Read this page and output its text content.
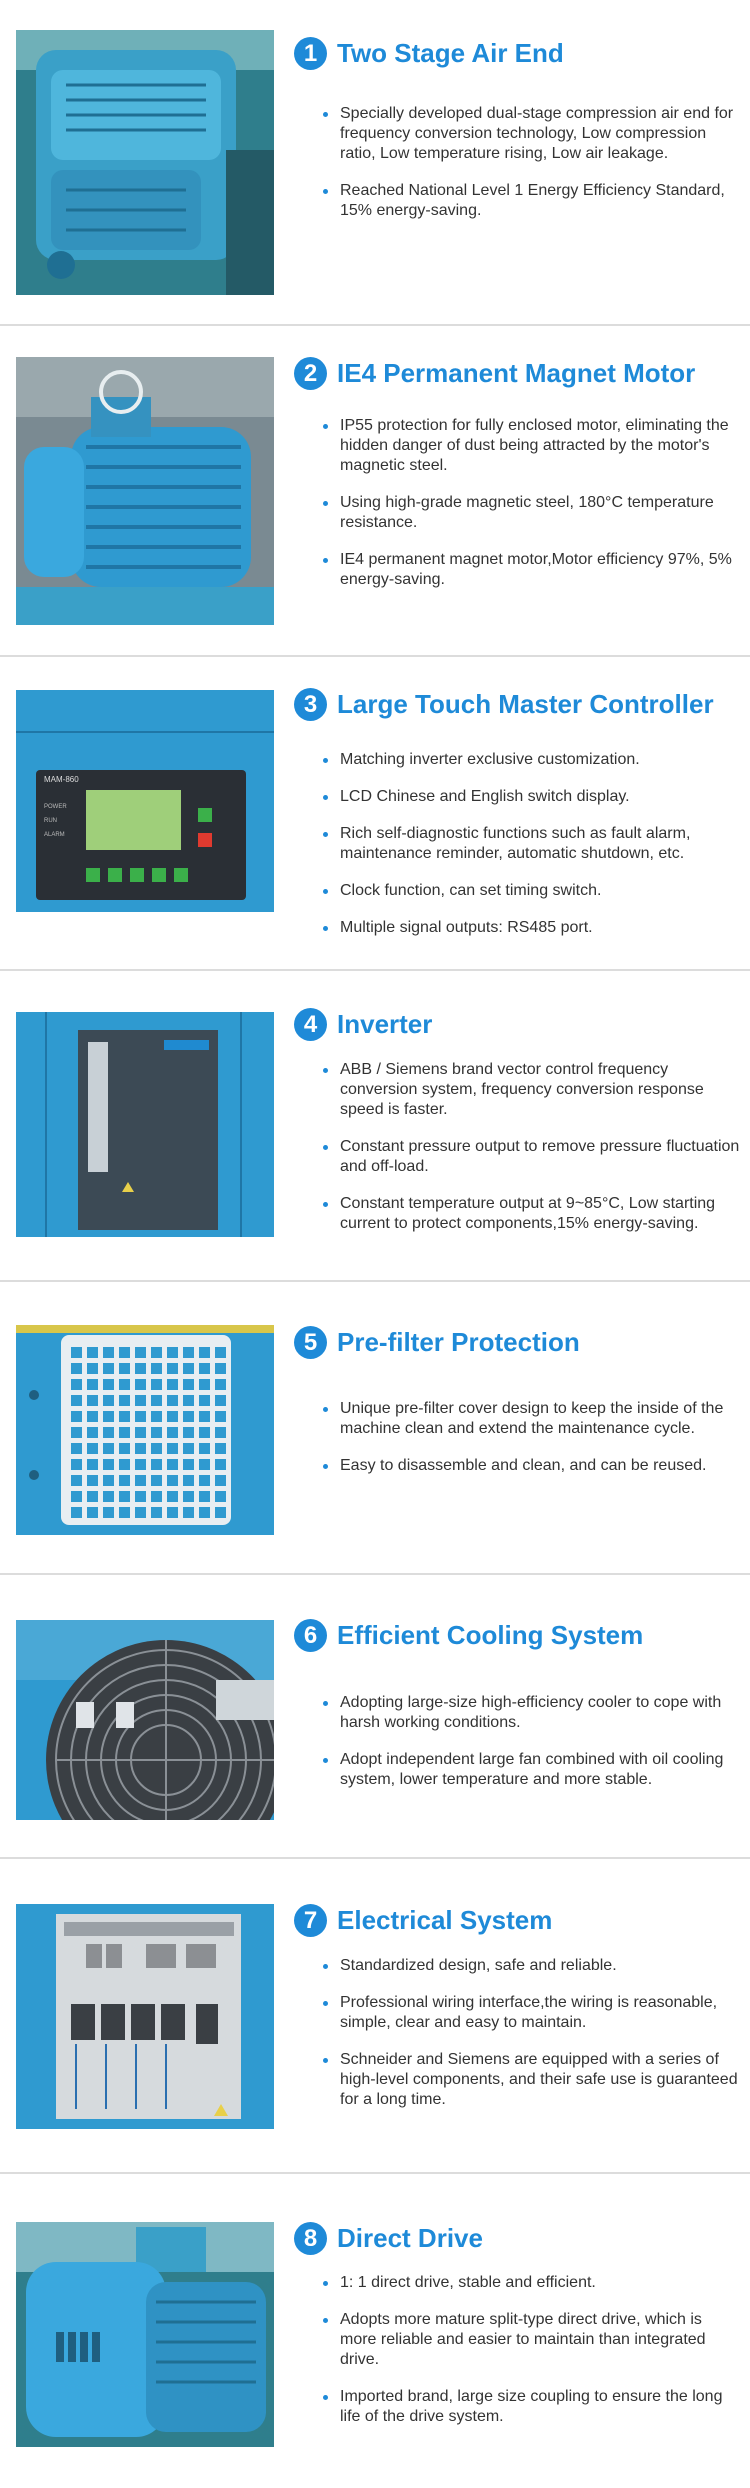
1 Two Stage Air End
Specially developed dual-stage compression air end for frequency conversion technology, Low compression ratio, Low temperature rising, Low air leakage.
Reached National Level 1 Energy Efficiency Standard, 15% energy-saving.
2 IE4 Permanent Magnet Motor
IP55 protection for fully enclosed motor, eliminating the hidden danger of dust being attracted by the motor's magnetic steel.
Using high-grade magnetic steel, 180°C temperature resistance.
IE4 permanent magnet motor,Motor efficiency 97%, 5% energy-saving.
MAM-860
POWER
RUN
ALARM
3 Large Touch Master Controller
Matching inverter exclusive customization.
LCD Chinese and English switch display.
Rich self-diagnostic functions such as fault alarm, maintenance reminder, automatic shutdown, etc.
Clock function, can set timing switch.
Multiple signal outputs: RS485 port.
4 Inverter
ABB / Siemens brand vector control frequency conversion system, frequency conversion response speed is faster.
Constant pressure output to remove pressure fluctuation and off-load.
Constant temperature output at 9~85°C, Low starting current to protect components,15% energy-saving.
5 Pre-filter Protection
Unique pre-filter cover design to keep the inside of the machine clean and extend the maintenance cycle.
Easy to disassemble and clean, and can be reused.
6 Efficient Cooling System
Adopting large-size high-efficiency cooler to cope with harsh working conditions.
Adopt independent large fan combined with oil cooling system, lower temperature and more stable.
7 Electrical System
Standardized design, safe and reliable.
Professional wiring interface,the wiring is reasonable, simple, clear and easy to maintain.
Schneider and Siemens are equipped with a series of high-level components, and their safe use is guaranteed for a long time.
8 Direct Drive
1: 1 direct drive, stable and efficient.
Adopts more mature split-type direct drive, which is more reliable and easier to maintain than integrated drive.
Imported brand, large size coupling to ensure the long life of the drive system.
